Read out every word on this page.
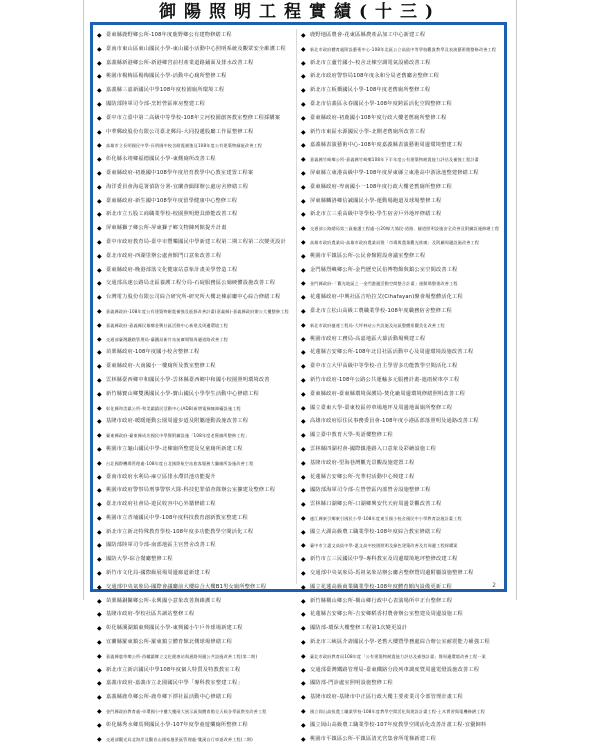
御陽照明工程實績(十三)
◆ 臺東縣鹿野鄉公所-108年度鹿野鄉公有建物修繕工程
◆ 臺南市東山區東山國民小學-東山國小活動中心照明系統及觀眾安全維護工程
◆ 嘉義縣新港鄉公所-新港鄉宮前村產業道路鋪面及排水改善工程
◆ 桃園市楊梅區楊梅國民小學-活動中心廁所整修工程
◆ 嘉義縣三嘉新國民中學108年度校園廁所環境工程
◆ 國防部陸軍司令部-烹飪營區庫房整建工程
◆ 臺中市立臺中第二高級中等學校-108年立河校園創客教室整修工程採購案
◆ 中華郵政股份有限公司臺北郵局-大同投遞股廳工作區整修工程
◆	高雄市立長明國民中學-長明國中校舍耐震補強及108年度公有建築物綠能改善工程
◆ 彰化縣永靖鄉福德國民小學-東側廁所改善工程
◆ 臺東縣政府-初鹿國中108學年度培育教學中心教室建置工程案
◆ 海洋委員會海巡署偵防分署-宜蘭查緝隊辦公處房舍修繕工程
◆ 臺東縣政府-新生國中108學年度留學健康中心整修工程
◆ 新北市立五股工商職業學校-校園照明燈具節能改善工程
◆ 屏東縣獅子鄉公所-屏東獅子鄉文物陳列館提升計畫
◆ 臺中市政府教育局-臺中市豐樂國民中學新建工程第二期工程第二次變更設計
◆ 臺北市政府-西湖里辦公處會館門口意象改善工程
◆ 臺東縣政府-晚港部落文化健康站意象計畫美學營造工程
◆ 交通部高速公路局北區養護工程分局-石碇服務區公廁硬體設施改善工程
◆ 台灣電力股份有限公司綜合研究所-研究所大樓北棟前廳中心綜合修繕工程
◆	嘉義縣政府-108年度公有建築物耐震補強及能源改善計畫(嘉義縣)-嘉義縣政府辦公大樓整修工程
◆	嘉義縣政府-嘉義縣民雄鄉金興社區活動中心新建及周邊環境工程
◆	交通部臺灣鐵路管理局-臺鐵局新竹站前廣場暨周邊道路改善工程
◆ 苗栗縣政府-108年度國小校舍整修工程
◆ 臺東縣政府-大南國小一樓廁所及教室整修工程
◆ 雲林縣臺西鄉中和國民小學-雲林縣臺西鄉中和國小校園照明環境改善
◆ 新竹縣寶山鄉雙溪國民小學-寶山國民小學學生活動中心修繕工程
◆	彰化縣和美鎮公所-和美鎮鎮民活動中心(ADB)新增電梯無障礙設施工程
◆ 基隆市政府-暖暖運動公園周邊步道及附屬運動設施改善工程
◆	臺東縣政府-臺東縣成功國民中學暨附屬設施「108年度老舊廁所整修工程」
◆ 桃園市立龜山國民中學-北棟廁所整建及兒童廁所新建工程
◆	台北國際機場管理處-108年度台北國際航空站旅客服務大廳廁所設施改善工程
◆ 臺南市政府水利局-麻豆區排水滯洪池功能提升
◆ 桃園市政府警察局刑事警察大隊-科技犯罪偵查隊辦公室擴建及整修工程
◆ 臺北市政府社會局-遊民收容中心外牆修繕工程
◆ 桃園市立青埔國民中學-108年度科技教育創新教室整建工程
◆ 新北市立新北特殊教育學校-108年度多功能教學空間活化工程
◆ 國防部陸軍司令部-南部地區主官營舍改善工程
◆ 國防大學-綜合餐廳整修工程
◆ 新竹市文化局-國際級展場周邊廊道新建工程
◆ 交通部中央氣象局-國際會議廳前大樓綜合大樓B1男女廁所整修工程
◆ 苗栗縣銅鑼鄉公所-永興國小意象改善與維護工程
◆ 基隆市政府-學校社區共讀站整修工程
◆ 彰化縣溪湖鎮東興國民小學-東興國小午戶外球場新建工程
◆ 宜蘭縣羅東鎮公所-羅東鎮立體育館北側球場修繕工程
◆	嘉義縣鹿草鄉公所-西螺鎮鄉立文化健康站與通路周邊公共設施改善工程(第二期)
◆ 新北市立新店國民中學108年度個人特質及特教教室工程
◆ 嘉義市政府-嘉義市立北園國民中學「專科教室整建工程」
◆ 嘉義縣鹿草鄉公所-鹿草鄉下潭社區活動中心修繕工程
◆	金門縣政府教育處-卓環國小中樓大樓兩大展示區與體育館全天候各學區教室改善工程
◆ 彰化縣秀水鄉馬興國民小學-107年度學童遊樂廁所整修工程
◆	交通部觀光局北海岸及觀音山國家風景區管理處-雙溪自行車道改善工程(二期)
◆ 鹿野地區農會-花東區縣農產品加工中心新建工程
◆	新北市政府體育處附設藝術中心-108年北區公立高級中等學校觀賞教學及表演藝術館整修改善工程
◆ 新北市立蘆竹國小-校舍北棟空調電氣設備改善工程
◆ 新北市政府警察局108年度永和分局老舊廳舍整修工程
◆ 新北市立板橋國民小學-108年度老舊廁所整修工程
◆ 臺北市信義區永春國民小學-108年度跨區活化空間整修工程
◆ 臺東縣政府-初鹿國小108年度行政大樓老舊廁所整修工程
◆ 新竹市東區水源國民小學-北側老舊廁所改善工程
◆ 嘉義縣表演藝術中心-108年度嘉義縣表演藝術周邊環境整建工程
◆	嘉義縣竹崎鄉公所-嘉義縣竹崎鄉108年下半年度公有建築物耐震能力評估及補強工程計畫
◆ 屏東縣立東港高級中學-108年度屏東縣立東港高中游泳池整建修繕工程
◆ 臺東縣政府-卑南國小一108年度行政大樓老舊廁所整修工程
◆ 屏東縣麟洛鄉信誠國民小學-運動場跑道及球場整修工程
◆ 新北市立三重高級中等學校-學生宿舍戶外地坪修繕工程
◆	交通部公路總局第三區養護工程處-台20線大埔段-道路、隧道照明設施安全改善及附屬設施修繕工程
◆	高雄市政府農業局-高雄市政府農業局暨「市場與農業觀光推廣」及附屬周邊設施改善工程
◆ 桃園市平鎮區公所-公民會館附設會議室整修工程
◆ 金門縣烈嶼鄉公所-金門歷史民俗博物館與鎮公室空間改善工程
◆	金門縣政府-「觀光地區之一金門港邊活動空間整合計畫」運動場整建改善工程
◆ 花蓮縣政府-中興社區吉哈拉艾(Cihafayan)聚會場整體活化工程
◆ 臺北市立松山高級工農職業學校-108年度職務宿舍整修工程
◆	新北市政府捷運工程局-大坪林站公共設施及站區整體景觀美化改善工程
◆ 桃園市政府工務局-高嘉地區大幕活動場興建工程
◆ 花蓮縣吉安鄉公所-108年北昌社區活動中心及周邊環境設施改善工程
◆ 臺中市立大甲高級中等學校-自主學習多功能教學空間活化工程
◆ 新竹市政府-108年公路公共運輸多元服務計畫-遮雨候車亭工程
◆ 臺東縣政府-臺東縣環境保護局-焚化廠周邊環境修繕照明改善工程
◆ 國立臺東大學-臺東校區停車場地坪及周邊地面廁所整修工程
◆ 高雄市政府原住民事務委員會-108年度小港區部落照明及通路改善工程
◆ 國立臺中教育大學-英語樓整修工程
◆ 雲林縣四湖村會-國際鎮港路入口意象及彩繪設施工程
◆ 基隆市政府-望海巷灣觀光景觀設施建置工程
◆ 花蓮縣吉安鄉公所-光華村活動中心興建工程
◆ 國防部海軍司令部-左營營區內部營舍設施整修工程
◆ 雲林縣口湖鄉公所-口湖鄉興安代天府周邊景觀改善工程
◆	連江縣東引鄉東引國民小學-108年度東引國小校舍國民中小學教育設施計畫工程
◆ 國立大湖高級農工職業學校-108年度綜合教室修繕工程
◆	臺中市立惠文高級中學-惠文高中校園照明及綠色建築改善及其周邊工程採購案
◆ 新竹市立三民國民中學-專科教室及周邊環境地坪整修改建工程
◆ 交通部中央氣象局-馬祖氣象站辦公廳舍整修暨周邊附屬設施整修工程
◆ 國立花蓮高級商業職業學校-108年度體育館內設備更新工程
◆ 新竹縣橫山鄉公所-橫山鄉行政中心表演場所中正台整修工程
◆ 花蓮縣吉安鄉公所-吉安鄉稻香村農會辦公室整建及周邊設施工程
◆ 國防部-環保大樓整修工程第1次變更設計
◆ 新北市三峽區介壽國民小學-老舊大樓暨學務處綜合辦公室耐震能力補強工程
◆	臺北市政府教育局108年度「公有建築物耐震能力評估及補強計畫」暨周邊環境改善工程一案
◆ 交通部臺灣鐵路管理局-臺東鐵路分段列車調度暨周邊電燈設施改善工程
◆ 國防部-門診處室照明設施整修工程
◆ 基隆市政府-基隆市中正區行政大樓主要產業司令部管理計畫工程
◆	國立岡山高級農工職業學校-108年度教學空間活化與建設計畫工程-土木實習與電機修繕工程
◆ 國立岡山高級農工職業學校-107年度教學空間活化改善計畫工程-宜優飼料
◆ 桃園市平鎮區公所-平鎮區清光宮集會所電梯新建工程
2
